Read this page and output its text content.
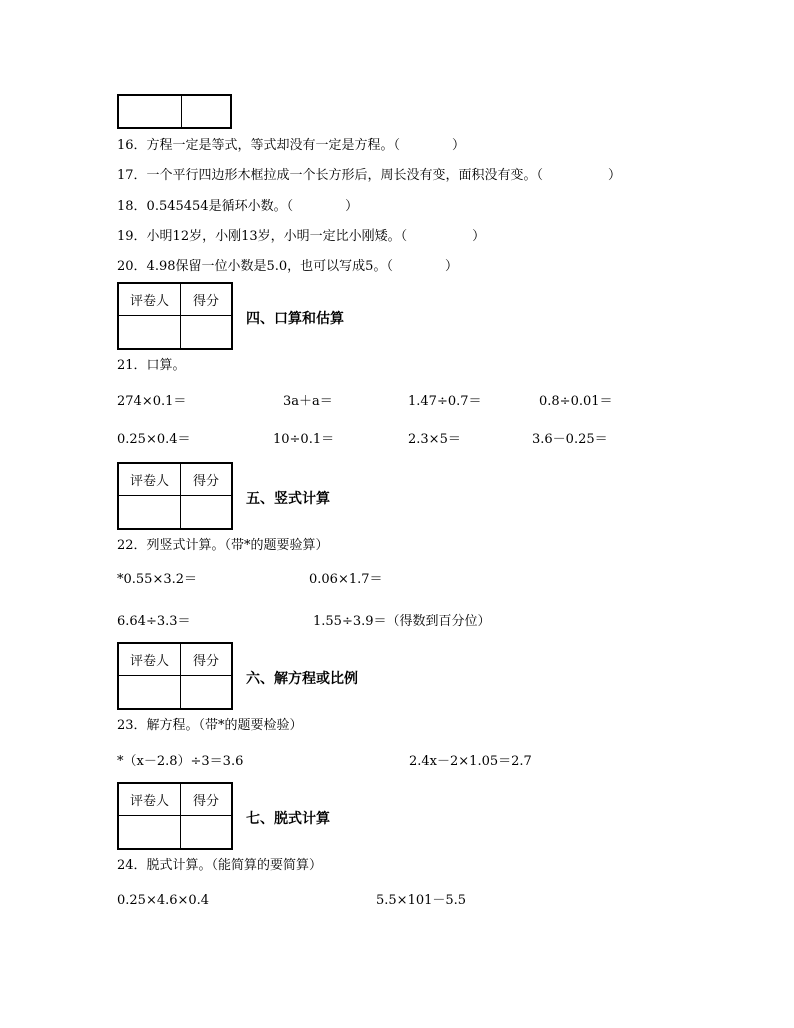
16．方程一定是等式，等式却没有一定是方程。（　　　　）
17．一个平行四边形木框拉成一个长方形后，周长没有变，面积没有变。（　　　　　）
18．0.545454是循环小数。（　　　　）
19．小明12岁，小刚13岁，小明一定比小刚矮。（　　　　　）
20．4.98保留一位小数是5.0，也可以写成5。（　　　　）
评卷人	得分
四、口算和估算
21．口算。
274×0.1＝	3a＋a＝	1.47÷0.7＝	0.8÷0.01＝
0.25×0.4＝	10÷0.1＝	2.3×5＝	3.6－0.25＝
评卷人	得分
五、竖式计算
22．列竖式计算。（带*的题要验算）
*0.55×3.2＝	0.06×1.7＝
6.64÷3.3＝	1.55÷3.9＝（得数到百分位）
评卷人	得分
六、解方程或比例
23．解方程。（带*的题要检验）
*（x－2.8）÷3＝3.6	2.4x－2×1.05＝2.7
评卷人	得分
七、脱式计算
24．脱式计算。（能简算的要简算）
0.25×4.6×0.4	5.5×101－5.5
